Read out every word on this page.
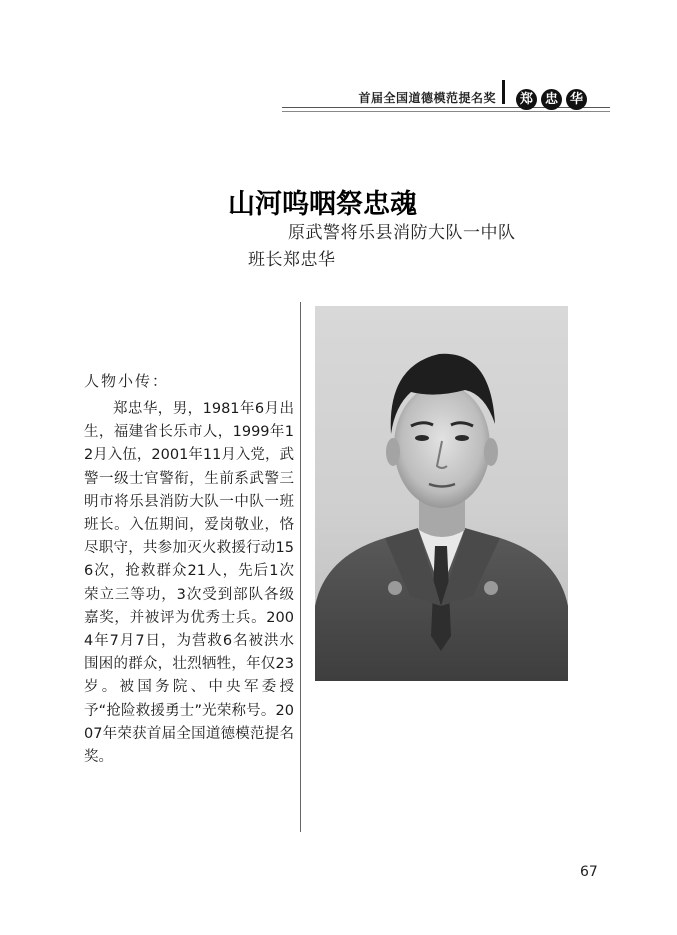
首届全国道德模范提名奖	郑 忠 华
山河呜咽祭忠魂
原武警将乐县消防大队一中队
班长郑忠华
人物小传：
郑忠华，男，1981年6月出生，福建省长乐市人，1999年12月入伍，2001年11月入党，武警一级士官警衔，生前系武警三明市将乐县消防大队一中队一班班长。入伍期间，爱岗敬业，恪尽职守，共参加灭火救援行动156次，抢救群众21人，先后1次荣立三等功，3次受到部队各级嘉奖，并被评为优秀士兵。2004年7月7日，为营救6名被洪水围困的群众，壮烈牺牲，年仅23岁。被国务院、中央军委授予“抢险救援勇士”光荣称号。2007年荣获首届全国道德模范提名奖。
67
